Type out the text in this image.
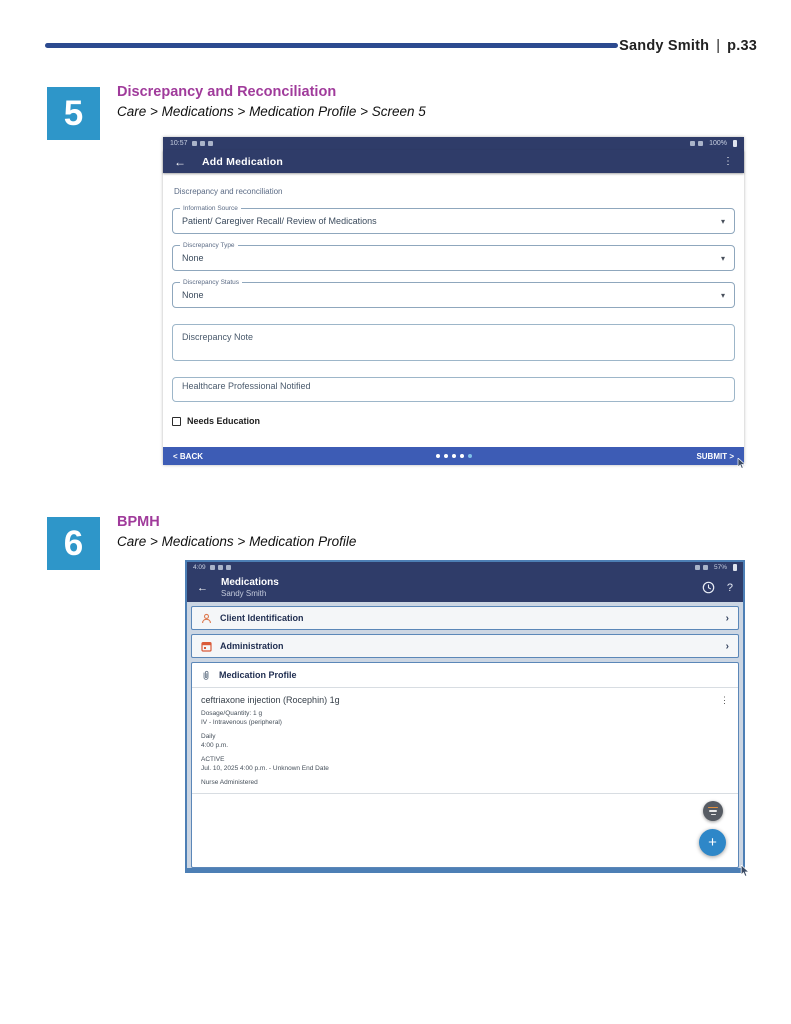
Sandy Smith | p.33
5
Discrepancy and Reconciliation
Care > Medications > Medication Profile > Screen 5
10:57	100%
← Add Medication	⋮
Discrepancy and reconciliation
Information Source
Patient/ Caregiver Recall/ Review of Medications
▾
Discrepancy Type
None
▾
Discrepancy Status
None
▾
Discrepancy Note
Healthcare Professional Notified
Needs Education
< BACK	SUBMIT >
6
BPMH
Care > Medications > Medication Profile
4:09	57%
← Medications
Sandy Smith	?
Client Identification
›
Administration
›
Medication Profile
ceftriaxone injection (Rocephin) 1g
Dosage/Quantity: 1 g
IV - Intravenous (peripheral)
Daily
4:00 p.m.
ACTIVE
Jul. 10, 2025 4:00 p.m. - Unknown End Date
Nurse Administered
⋮
+
